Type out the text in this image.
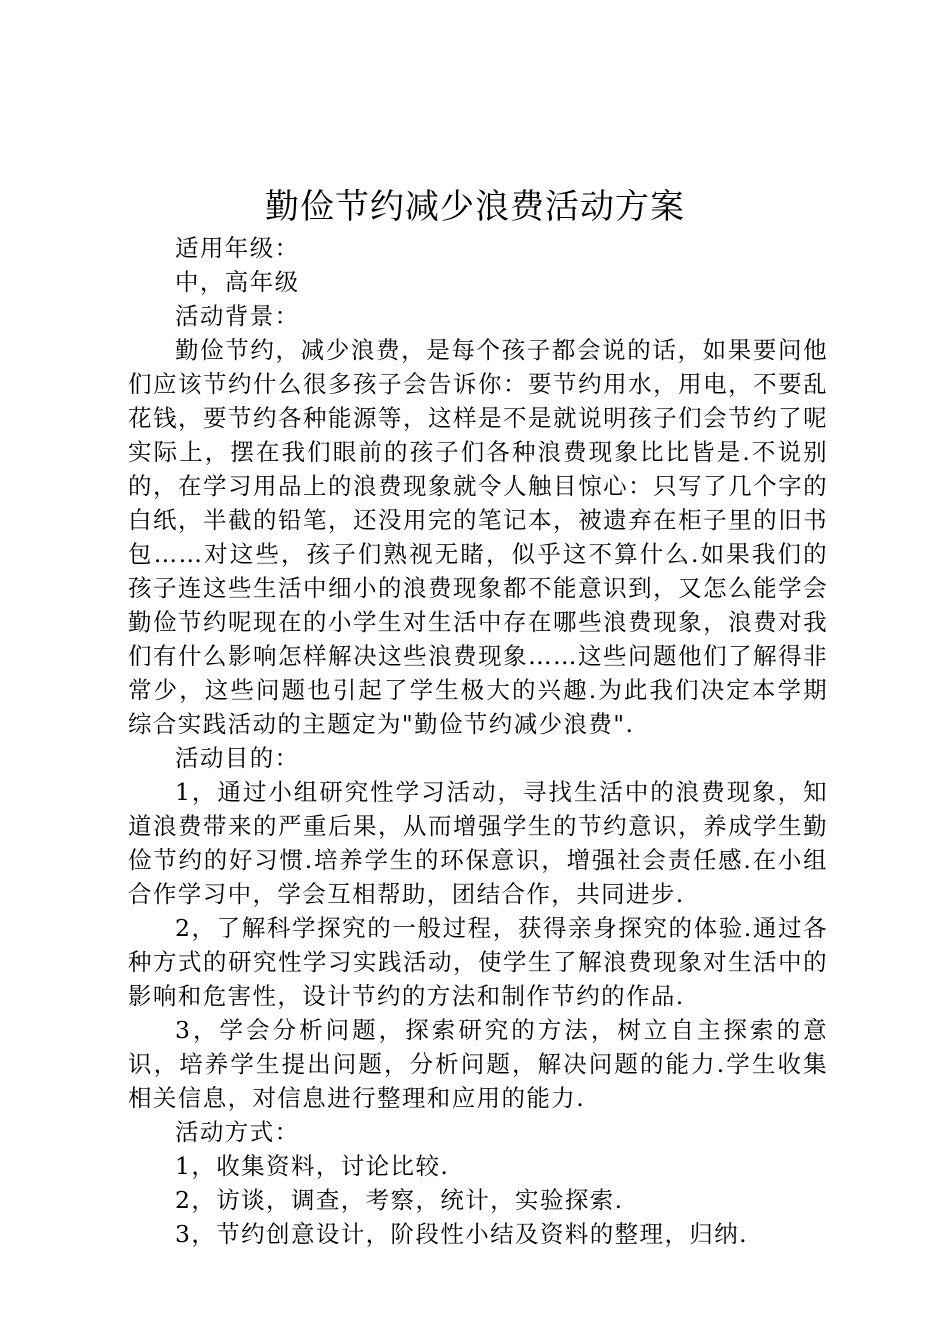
勤俭节约减少浪费活动方案

适用年级：

中，高年级

活动背景：

勤俭节约，减少浪费，是每个孩子都会说的话，如果要问他们应该节约什么很多孩子会告诉你：要节约用水，用电，不要乱花钱，要节约各种能源等，这样是不是就说明孩子们会节约了呢实际上，摆在我们眼前的孩子们各种浪费现象比比皆是.不说别的，在学习用品上的浪费现象就令人触目惊心：只写了几个字的白纸，半截的铅笔，还没用完的笔记本，被遗弃在柜子里的旧书包……对这些，孩子们熟视无睹，似乎这不算什么.如果我们的孩子连这些生活中细小的浪费现象都不能意识到，又怎么能学会勤俭节约呢现在的小学生对生活中存在哪些浪费现象，浪费对我们有什么影响怎样解决这些浪费现象……这些问题他们了解得非常少，这些问题也引起了学生极大的兴趣.为此我们决定本学期综合实践活动的主题定为"勤俭节约减少浪费".

活动目的：

1，通过小组研究性学习活动，寻找生活中的浪费现象，知道浪费带来的严重后果，从而增强学生的节约意识，养成学生勤俭节约的好习惯.培养学生的环保意识，增强社会责任感.在小组合作学习中，学会互相帮助，团结合作，共同进步.

2，了解科学探究的一般过程，获得亲身探究的体验.通过各种方式的研究性学习实践活动，使学生了解浪费现象对生活中的影响和危害性，设计节约的方法和制作节约的作品.

3，学会分析问题，探索研究的方法，树立自主探索的意识，培养学生提出问题，分析问题，解决问题的能力.学生收集相关信息，对信息进行整理和应用的能力.

活动方式：

1，收集资料，讨论比较.

2，访谈，调查，考察，统计，实验探索.

3，节约创意设计，阶段性小结及资料的整理，归纳.
